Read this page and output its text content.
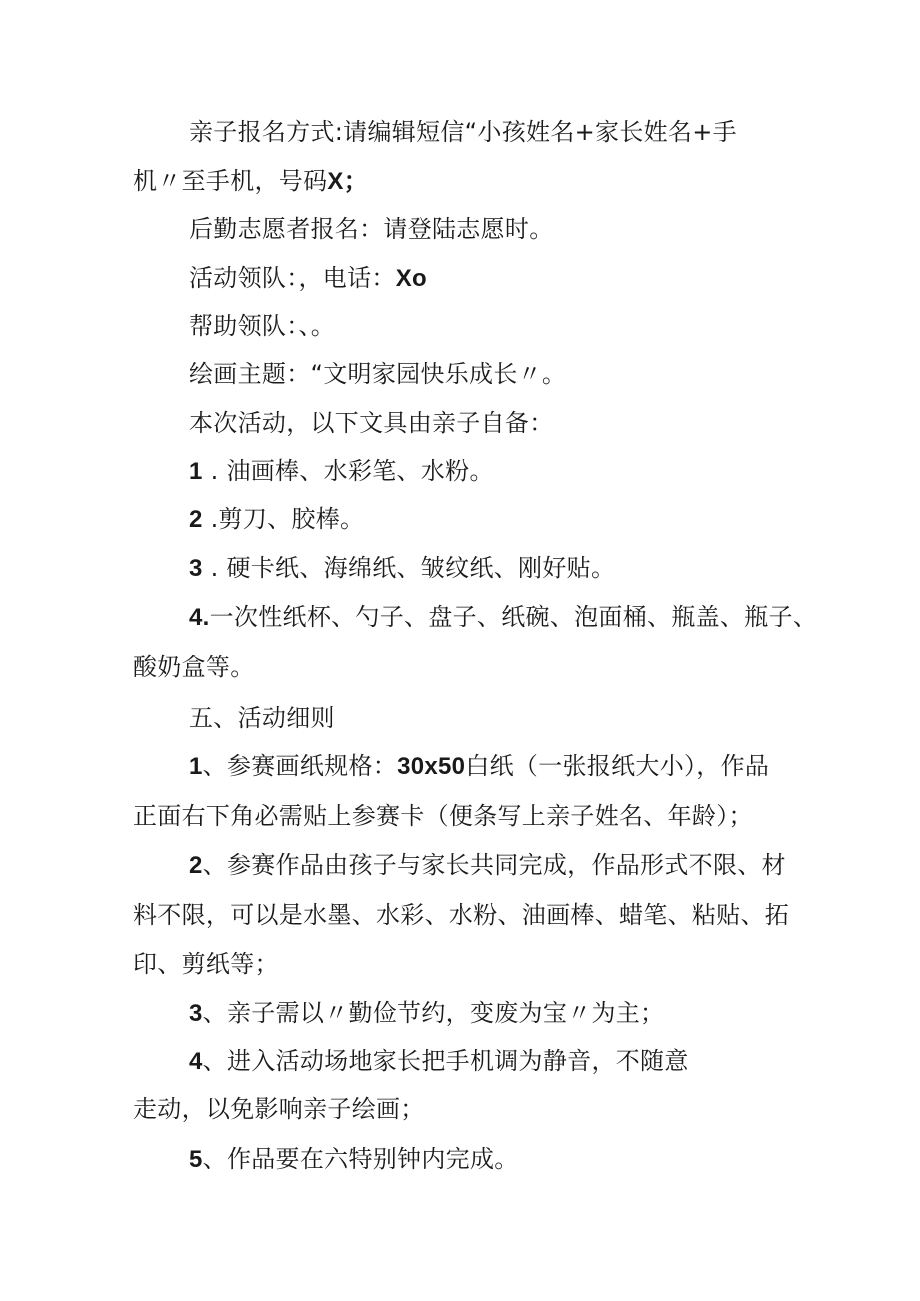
亲子报名方式:请编辑短信“小孩姓名+家长姓名+手
机〃至手机，号码X；
后勤志愿者报名：请登陆志愿时。
活动领队：，电话：Xo
帮助领队：、。
绘画主题：“文明家园快乐成长〃。
本次活动，以下文具由亲子自备：
1 . 油画棒、水彩笔、水粉。
2 .剪刀、胶棒。
3 . 硬卡纸、海绵纸、皱纹纸、刚好贴。
4.一次性纸杯、勺子、盘子、纸碗、泡面桶、瓶盖、瓶子、
酸奶盒等。
五、活动细则
1、参赛画纸规格：30x50白纸（一张报纸大小），作品
正面右下角必需贴上参赛卡（便条写上亲子姓名、年龄）；
2、参赛作品由孩子与家长共同完成，作品形式不限、材
料不限，可以是水墨、水彩、水粉、油画棒、蜡笔、粘贴、拓
印、剪纸等；
3、亲子需以〃勤俭节约，变废为宝〃为主；
4、进入活动场地家长把手机调为静音，不随意
走动，以免影响亲子绘画；
5、作品要在六特别钟内完成。
